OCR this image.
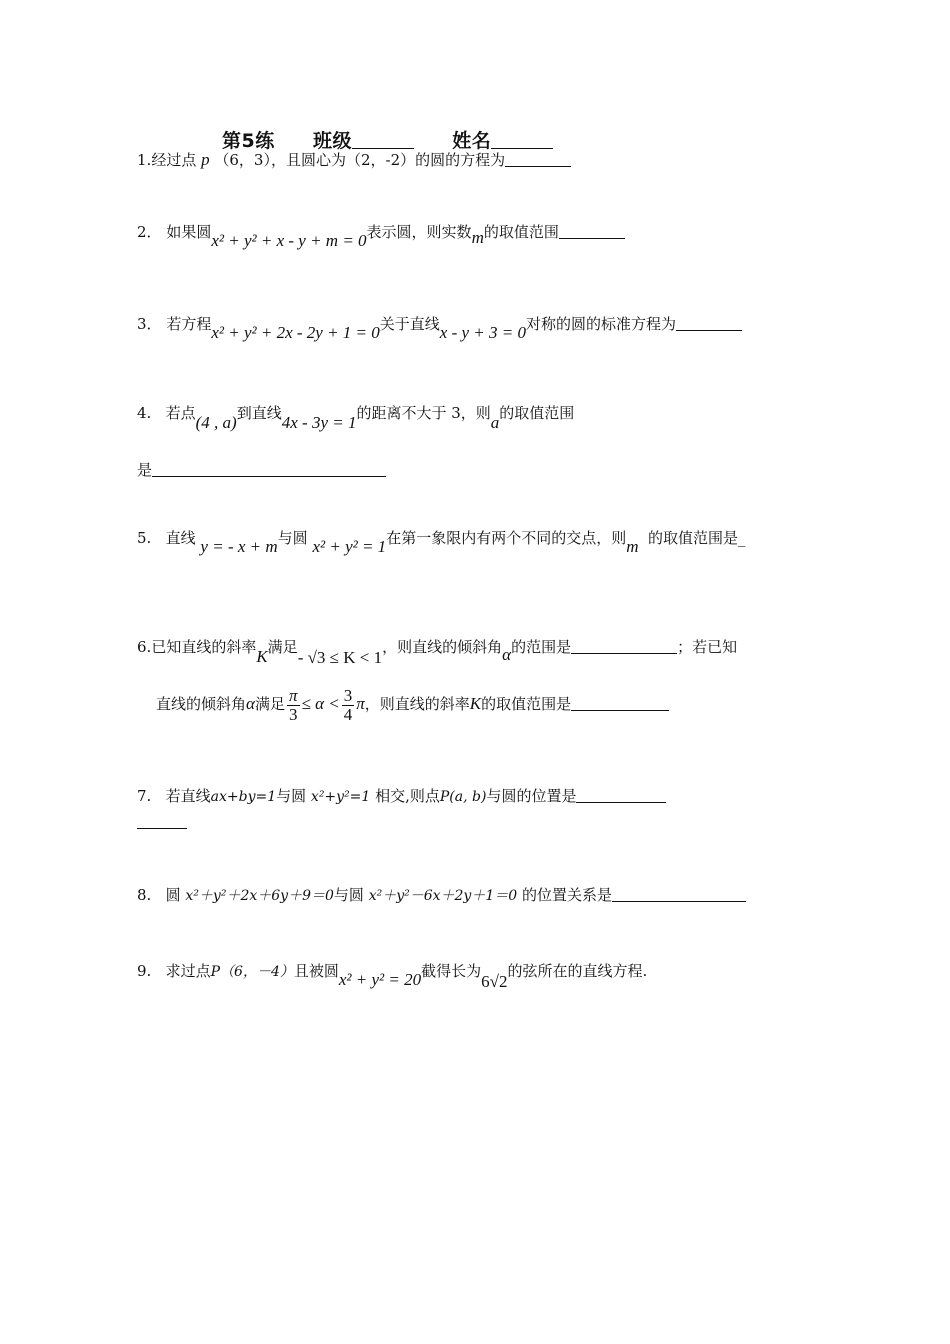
第5练 班级	姓名
1.经过点 p （6，3），且圆心为（2，-2）的圆的方程为
2． 如果圆x² + y² + x - y + m = 0表示圆，则实数m的取值范围
3． 若方程x² + y² + 2x - 2y + 1 = 0关于直线x - y + 3 = 0对称的圆的标准方程为
4. 若点(4 , a)到直线4x - 3y = 1的距离不大于 3，则a的取值范围
是
5. 直线 y = - x + m与圆 x² + y² = 1在第一象限内有两个不同的交点，则m 的取值范围是_
6.已知直线的斜率K满足- √3 ≤ K < 1，则直线的倾斜角α的范围是	；若已知
直线的倾斜角α满足 $\frac{\pi}{3} \le \alpha < \frac{3}{4}$ π，则直线的斜率K的取值范围是
7. 若直线ax+by=1与圆 x²+y²=1 相交,则点P(a, b)与圆的位置是
8. 圆 x²＋y²＋2x＋6y＋9＝0与圆 x²＋y²－6x＋2y＋1＝0 的位置关系是
9. 求过点P（6，－4）且被圆x² + y² = 20截得长为6√2的弦所在的直线方程.
